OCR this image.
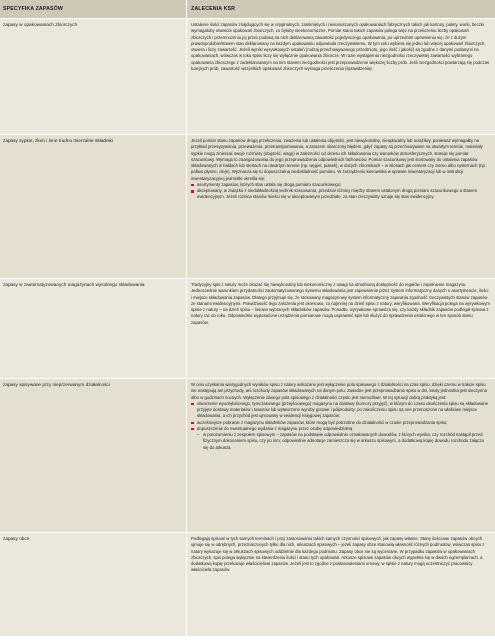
SPECYFIKA ZAPASÓW	ZALECENIA KSR
zapasy w opakowaniach zbiorczych	Ustalenie ilości zapasów znajdujących się w oryginalnych, zamkniętych i nienaruszonych opakowaniach fabrycznych takich jak kartony, palety, worki, beczki wymagałoby otwarcia opakowań zbiorczych, co byłoby nieekonomiczne. Pomiar stanu takich zapasów polega więc na przeliczeniu liczby opakowań zbiorczych i przemnożeniu jej przez podaną na nich deklarowaną zawartość pojedynczego opakowania, po uprzednim upewnieniu się, że z dużym prawdopodobieństwem stan deklarowany na każdym opakowaniu odpowiada rzeczywistemu. W tym celu wybiera się jedno lub więcej opakowań zbiorczych, otwiera i liczy zawartość. Jeżeli wyniki wyrywkowych ustaleń (rodzaj przechowywanego przedmiotu, jego ilość i jakość) są zgodne z danymi podanymi na opakowaniach, wówczas w toku spisu liczy się wyłącznie opakowania zbiorcze. W razie wystąpienia niezgodności rzeczywistej zawartości wybranego opakowania zbiorczego z zadeklarowanym na nim stanem niezgodności jest przeprowadzenie większej liczby prób. Jeśli niezgodności powtarzają się podczas kolejnych prób, zawartość wszystkich opakowań zbiorczych wymaga przeliczenia (sprawdzenia).

zapasy sypkie, złom i inne trudno mierzalne składniki	Jeżeli pomiar stanu zapasów drogą przeliczenia, zważenia lub ustalenia objętości, jest niewykonalny, nieopłacalny lub uciążliwy, ponieważ wymagałby na przykład przesypywania, przeważenia, przetransportowania, a zarazem obarczony błędem, gdyż zapasy są przechowywane na otwartym terenie, materiały sypkie mogą zmieniać swoje rozmiary (objętość, wagę) w zależności od okresu ich składowania czy warunków atmosferycznych, stosuje się pomiar szacunkowy. Wymaga to zaangażowania do jego przeprowadzenia odpowiednich fachowców. Pomiar szacunkowy jest stosowany do ustalenia zapasów składowanych w hałdach lub stertach na otwartym terenie (np. węgiel, piasek), w dużych zbiornikach – w silosach jak cement czy ziarno albo cysternach (np. paliwa płynne, oleje). Wyznacza się tu dopuszczalną niedokładność pomiaru. W zarządzeniu kierownika w sprawie inwentaryzacji lub w instrukcji inwentaryzacyjnej jednostki określa się:

asortymenty zapasów, których stan ustala się drogą pomiaru szacunkowego;
akceptowany, w związku z niedokładnością technik szacowania, przedział różnicy między stanem ustalonym drogą pomiaru szacunkowego a stanem ewidencyjnym. Jeżeli różnica stanów mieści się w akceptowanym przedziale, za stan rzeczywisty uznaje się stan ewidencyjny.
zapasy w zautomatyzowanych magazynach wysokiego składowania	Tradycyjny spis z natury może okazać się niewykonalny lub niekonomiczny z uwagi na utrudnioną dostępność do regałów i zapełnienie magazynu. Jednocześnie warunkiem przydatności zautomatyzowanego systemu składowania jest zapewnienie przez system informatyczny danych o asortymencie, ilości i miejscu składowania zapasów. Dlatego przyjmuje się, że stosowany magazynowy system informatyczny zapewnia zgodność rzeczywistych stanów zapasów ze stanami ewidencyjnymi. Prawdziwość tego założenia jest okresowo, co najmniej na dzień spisu z natury, weryfikowana. Weryfikacja polega na wyrywkowym spisie z natury – na dzień spisu – losowo wybranych składników zapasów. Ponadto, wyrywkowe sprawdza się, czy każdy składnik zapasów podlegał spisowi z natury raz do roku. Odpowiednio wyposażone urządzenia pomiarowe mogą usprawnić spis lub służyć do sprawdzenia ustalonego w ten sposób stanu zapasów.

zapasy spisywane przy nieprzerwanym działalności	W celu uzyskania wiarygodnych wyników spisu z natury wskazane jest wyłączenie pola spisowego z działalności na czas spisu, dzięki czemu w trakcie spisu nie następują ani przychody, ani rozchody zapasów składowanych na danym polu. Zasadne jest przeprowadzanie spisu w dni, kiedy jednostka jest nieczynna albo w godzinach nocnych. Wyłączenie danego pola spisowego z działalności często jest niemożliwe. W tej sytuacji dobrą praktyką jest:

utworzenie wyodrębnionego, tymczasowego (przejściowego) magazynu na dostawy (komory przyjęć), w którym do czasu ukończenia spisu są składowane przyjęte dostawy materiałów i towarów lub wytworzone wyroby gotowe i półprodukty; po zakończeniu spisu są one przenoszone na właściwe miejsce składowania, a ich przychód jest ujmowany w ewidencji księgowej zapasów;
wcześniejsze pobranie z magazynu składników zapasów, które mogą być potrzebne do działalności w czasie przeprowadzania spisu;
dopuszczenie do ewentualnego wydania z magazynu przez osobę odpowiedzialną
– w porozumieniu z zespołem spisowym – zapasów na podstawie odpowiednio oznakowanych dowodów, z których wynika, czy rozchód nastąpił przed fizycznym dokonaniem spisu, czy po nim; odpowiednie adnotacje zamieszcza się w arkuszu spisowym, a dodatkową kopię dowodu rozchodu załącza się do arkusza.
zapasy obce	Podlegają spisowi w tych samych terminach i przy zastosowaniu takich samych czynności spisowych, jak zapasy własne. Stany ilościowe zapasów obcych ujmuje się w odrębnych, przeznaczonych tylko dla nich, arkuszach spisowych – jeżeli zapasy obce stanowią własność różnych podmiotów, wówczas spisu z natury wykazuje się w arkuszach spisowych oddzielnie dla każdego podmiotu. Zapasy obce nie są wyceniane. W przypadku zapasów w opakowaniach zbiorczych, spis polega wyłącznie na stwierdzeniu ilości i stanu tych opakowań. Arkusze spisowe zapasów obcych wypełnia się w dwóch egzemplarzach, a dodatkową kopię przekazuje właścicielowi zapasów. Jeżeli jest to zgodne z postanowieniami umowy, w spisie z natury mogą uczestniczyć pracownicy właściciela zapasów.
